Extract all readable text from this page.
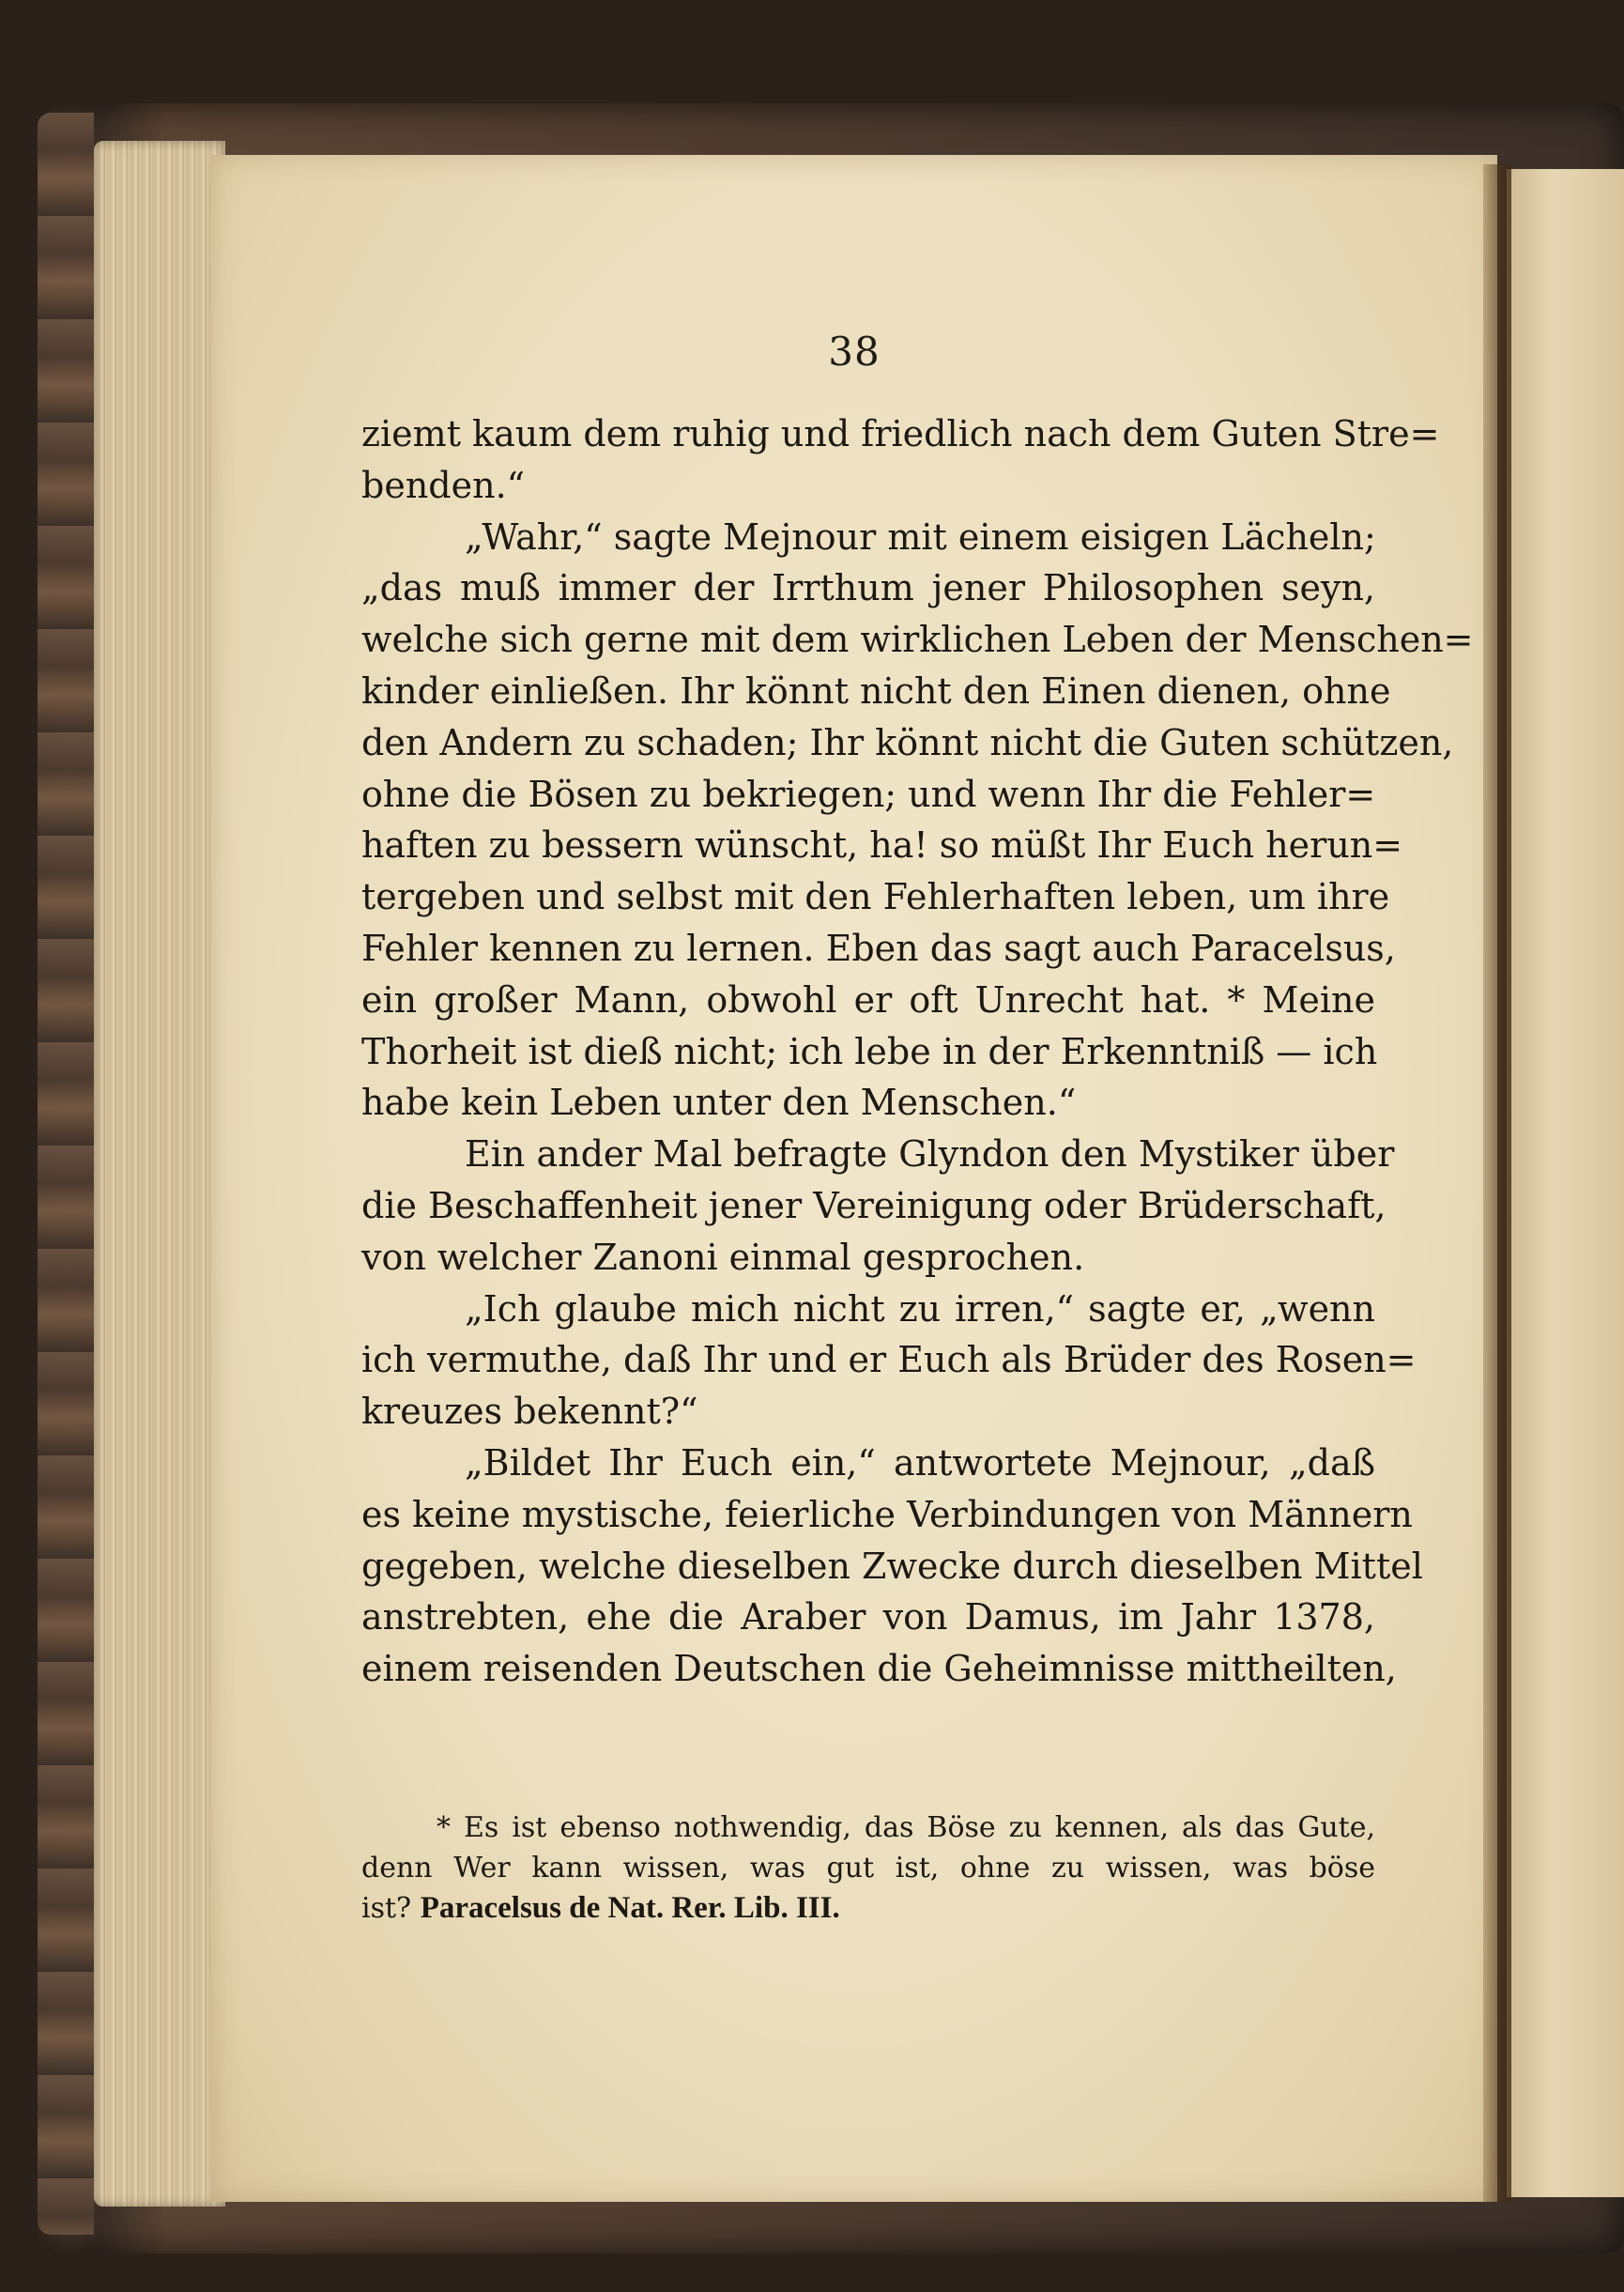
38
ziemt kaum dem ruhig und friedlich nach dem Guten Stre=
benden.“
„Wahr,“ sagte Mejnour mit einem eisigen Lächeln;
„das muß immer der Irrthum jener Philosophen seyn,
welche sich gerne mit dem wirklichen Leben der Menschen=
kinder einließen. Ihr könnt nicht den Einen dienen, ohne
den Andern zu schaden; Ihr könnt nicht die Guten schützen,
ohne die Bösen zu bekriegen; und wenn Ihr die Fehler=
haften zu bessern wünscht, ha! so müßt Ihr Euch herun=
tergeben und selbst mit den Fehlerhaften leben, um ihre
Fehler kennen zu lernen. Eben das sagt auch Paracelsus,
ein großer Mann, obwohl er oft Unrecht hat. * Meine
Thorheit ist dieß nicht; ich lebe in der Erkenntniß — ich
habe kein Leben unter den Menschen.“
Ein ander Mal befragte Glyndon den Mystiker über
die Beschaffenheit jener Vereinigung oder Brüderschaft,
von welcher Zanoni einmal gesprochen.
„Ich glaube mich nicht zu irren,“ sagte er, „wenn
ich vermuthe, daß Ihr und er Euch als Brüder des Rosen=
kreuzes bekennt?“
„Bildet Ihr Euch ein,“ antwortete Mejnour, „daß
es keine mystische, feierliche Verbindungen von Männern
gegeben, welche dieselben Zwecke durch dieselben Mittel
anstrebten, ehe die Araber von Damus, im Jahr 1378,
einem reisenden Deutschen die Geheimnisse mittheilten,
* Es ist ebenso nothwendig, das Böse zu kennen, als das Gute,
denn Wer kann wissen, was gut ist, ohne zu wissen, was böse
ist? Paracelsus de Nat. Rer. Lib. III.
